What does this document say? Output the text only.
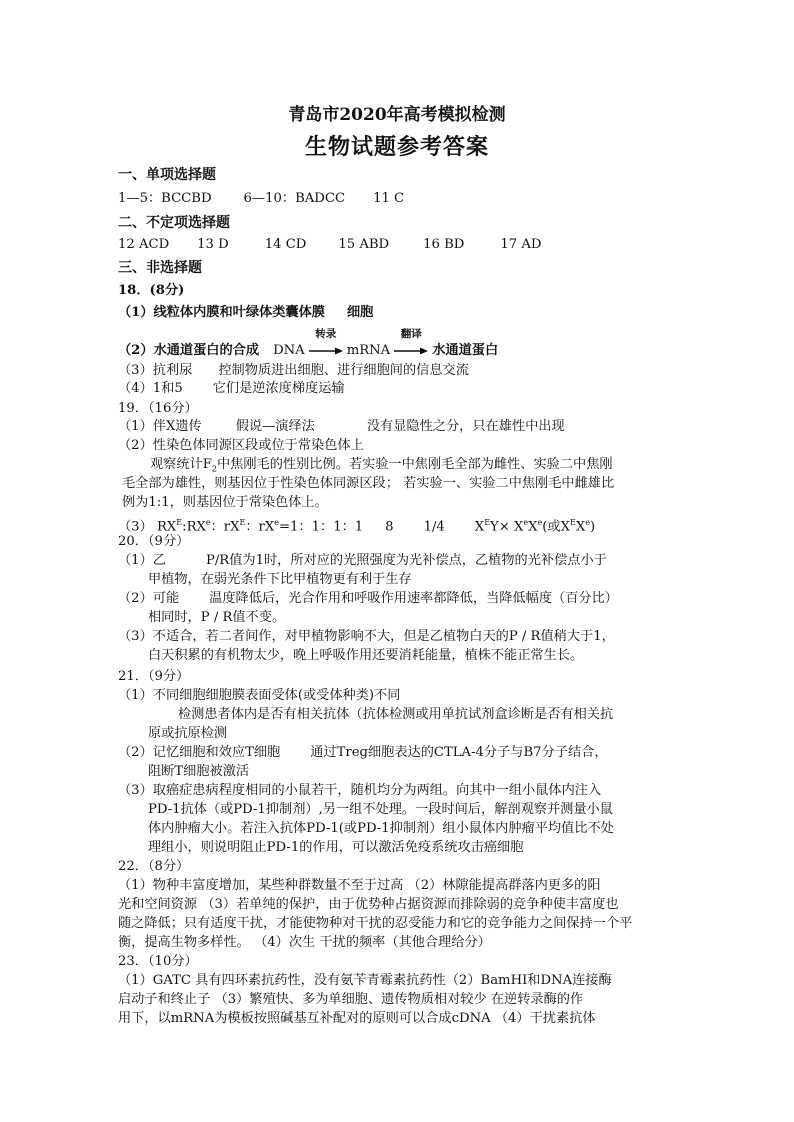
青岛市2020年高考模拟检测
生物试题参考答案
一、单项选择题
1—5：BCCBD 6—10：BADCC 11 C
二、不定项选择题
12 ACD 13 D	14 CD 15 ABD	16 BD	17 AD
三、非选择题
18．(8分)
（1）线粒体内膜和叶绿体类囊体膜 细胞
（2）水通道蛋白的合成 DNA
转录
mRNA
翻译
水通道蛋白
（3）抗利尿 控制物质进出细胞、进行细胞间的信息交流
（4）1和5 它们是逆浓度梯度运输
19．（16分）
（1）伴X遗传	假说—演绎法	没有显隐性之分，只在雄性中出现
（2）性染色体同源区段或位于常染色体上
观察统计$F_2$中焦刚毛的性别比例。若实验一中焦刚毛全部为雌性、实验二中焦刚
毛全部为雄性，则基因位于性染色体同源区段； 若实验一、实验二中焦刚毛中雌雄比
例为1:1，则基因位于常染色体上。
（3） $RX^E:RX^e$：$rX^E$：$rX^e=1$：1：1：1 8 1/4 $X^EY\times X^eX^e$(或$X^EXe$)
20．（9分）
（1）乙	P/R值为1时，所对应的光照强度为光补偿点，乙植物的光补偿点小于
甲植物，在弱光条件下比甲植物更有利于生存
（2）可能 温度降低后，光合作用和呼吸作用速率都降低，当降低幅度（百分比）
相同时，P / R值不变。
（3）不适合，若二者间作，对甲植物影响不大，但是乙植物白天的P / R值稍大于1，
白天积累的有机物太少，晚上呼吸作用还要消耗能量，植株不能正常生长。
21．（9分）
（1）不同细胞细胞膜表面受体(或受体种类)不同
检测患者体内是否有相关抗体（抗体检测或用单抗试剂盒诊断是否有相关抗
原或抗原检测
（2）记忆细胞和效应T细胞 通过Treg细胞表达的CTLA-4分子与B7分子结合，
阻断T细胞被激活
（3）取癌症患病程度相同的小鼠若干，随机均分为两组。向其中一组小鼠体内注入
PD-1抗体（或PD-1抑制剂）,另一组不处理。一段时间后，解剖观察并测量小鼠
体内肿瘤大小。若注入抗体PD-1(或PD-1抑制剂）组小鼠体内肿瘤平均值比不处
理组小，则说明阻止PD-1的作用，可以激活免疫系统攻击癌细胞
22．（8分）
（1）物种丰富度增加，某些种群数量不至于过高 （2）林隙能提高群落内更多的阳
光和空间资源 （3）若单纯的保护，由于优势种占据资源而排除弱的竞争种使丰富度也
随之降低；只有适度干扰，才能使物种对干扰的忍受能力和它的竞争能力之间保持一个平
衡，提高生物多样性。 （4）次生 干扰的频率（其他合理给分）
23．（10分）
（1）GATC 具有四环素抗药性，没有氨苄青霉素抗药性（2）BamHⅠ和DNA连接酶
启动子和终止子 （3）繁殖快、多为单细胞、遗传物质相对较少 在逆转录酶的作
用下，以mRNA为模板按照碱基互补配对的原则可以合成cDNA （4）干扰素抗体
